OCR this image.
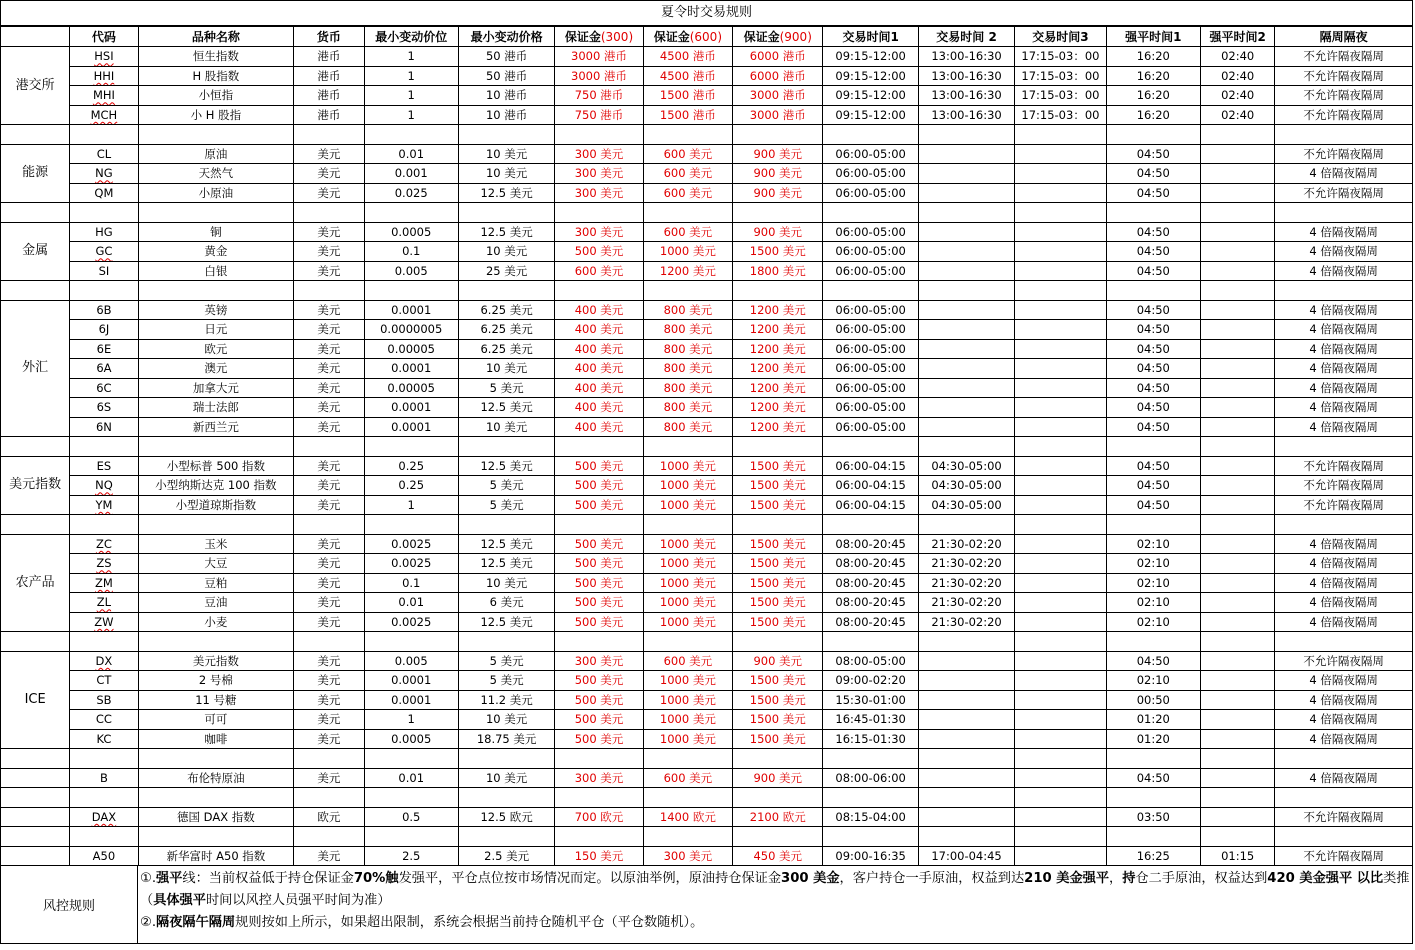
夏令时交易规则
	代码	品种名称	货币	最小变动价位	最小变动价格	保证金(300)	保证金(600)	保证金(900)	交易时间1	交易时间 2	交易时间3	强平时间1	强平时间2	隔周隔夜
港交所	HSI	恒生指数	港币	1	50 港币	3000 港币	4500 港币	6000 港币	09:15-12:00	13:00-16:30	17:15-03：00	16:20	02:40	不允许隔夜隔周
	HHI	H 股指数	港币	1	50 港币	3000 港币	4500 港币	6000 港币	09:15-12:00	13:00-16:30	17:15-03：00	16:20	02:40	不允许隔夜隔周
	MHI	小恒指	港币	1	10 港币	750 港币	1500 港币	3000 港币	09:15-12:00	13:00-16:30	17:15-03：00	16:20	02:40	不允许隔夜隔周
	MCH	小 H 股指	港币	1	10 港币	750 港币	1500 港币	3000 港币	09:15-12:00	13:00-16:30	17:15-03：00	16:20	02:40	不允许隔夜隔周

能源	CL	原油	美元	0.01	10 美元	300 美元	600 美元	900 美元	06:00-05:00			04:50		不允许隔夜隔周
	NG	天然气	美元	0.001	10 美元	300 美元	600 美元	900 美元	06:00-05:00			04:50		4 倍隔夜隔周
	QM	小原油	美元	0.025	12.5 美元	300 美元	600 美元	900 美元	06:00-05:00			04:50		不允许隔夜隔周

金属	HG	铜	美元	0.0005	12.5 美元	300 美元	600 美元	900 美元	06:00-05:00			04:50		4 倍隔夜隔周
	GC	黄金	美元	0.1	10 美元	500 美元	1000 美元	1500 美元	06:00-05:00			04:50		4 倍隔夜隔周
	SI	白银	美元	0.005	25 美元	600 美元	1200 美元	1800 美元	06:00-05:00			04:50		4 倍隔夜隔周

外汇	6B	英镑	美元	0.0001	6.25 美元	400 美元	800 美元	1200 美元	06:00-05:00			04:50		4 倍隔夜隔周
	6J	日元	美元	0.0000005	6.25 美元	400 美元	800 美元	1200 美元	06:00-05:00			04:50		4 倍隔夜隔周
	6E	欧元	美元	0.00005	6.25 美元	400 美元	800 美元	1200 美元	06:00-05:00			04:50		4 倍隔夜隔周
	6A	澳元	美元	0.0001	10 美元	400 美元	800 美元	1200 美元	06:00-05:00			04:50		4 倍隔夜隔周
	6C	加拿大元	美元	0.00005	5 美元	400 美元	800 美元	1200 美元	06:00-05:00			04:50		4 倍隔夜隔周
	6S	瑞士法郎	美元	0.0001	12.5 美元	400 美元	800 美元	1200 美元	06:00-05:00			04:50		4 倍隔夜隔周
	6N	新西兰元	美元	0.0001	10 美元	400 美元	800 美元	1200 美元	06:00-05:00			04:50		4 倍隔夜隔周

美元指数	ES	小型标普 500 指数	美元	0.25	12.5 美元	500 美元	1000 美元	1500 美元	06:00-04:15	04:30-05:00		04:50		不允许隔夜隔周
	NQ	小型纳斯达克 100 指数	美元	0.25	5 美元	500 美元	1000 美元	1500 美元	06:00-04:15	04:30-05:00		04:50		不允许隔夜隔周
	YM	小型道琼斯指数	美元	1	5 美元	500 美元	1000 美元	1500 美元	06:00-04:15	04:30-05:00		04:50		不允许隔夜隔周

农产品	ZC	玉米	美元	0.0025	12.5 美元	500 美元	1000 美元	1500 美元	08:00-20:45	21:30-02:20		02:10		4 倍隔夜隔周
	ZS	大豆	美元	0.0025	12.5 美元	500 美元	1000 美元	1500 美元	08:00-20:45	21:30-02:20		02:10		4 倍隔夜隔周
	ZM	豆粕	美元	0.1	10 美元	500 美元	1000 美元	1500 美元	08:00-20:45	21:30-02:20		02:10		4 倍隔夜隔周
	ZL	豆油	美元	0.01	6 美元	500 美元	1000 美元	1500 美元	08:00-20:45	21:30-02:20		02:10		4 倍隔夜隔周
	ZW	小麦	美元	0.0025	12.5 美元	500 美元	1000 美元	1500 美元	08:00-20:45	21:30-02:20		02:10		4 倍隔夜隔周

ICE	DX	美元指数	美元	0.005	5 美元	300 美元	600 美元	900 美元	08:00-05:00			04:50		不允许隔夜隔周
	CT	2 号棉	美元	0.0001	5 美元	500 美元	1000 美元	1500 美元	09:00-02:20			02:10		4 倍隔夜隔周
	SB	11 号糖	美元	0.0001	11.2 美元	500 美元	1000 美元	1500 美元	15:30-01:00			00:50		4 倍隔夜隔周
	CC	可可	美元	1	10 美元	500 美元	1000 美元	1500 美元	16:45-01:30			01:20		4 倍隔夜隔周
	KC	咖啡	美元	0.0005	18.75 美元	500 美元	1000 美元	1500 美元	16:15-01:30			01:20		4 倍隔夜隔周

	B	布伦特原油	美元	0.01	10 美元	300 美元	600 美元	900 美元	08:00-06:00			04:50		4 倍隔夜隔周

	DAX	德国 DAX 指数	欧元	0.5	12.5 欧元	700 欧元	1400 欧元	2100 欧元	08:15-04:00			03:50		不允许隔夜隔周

	A50	新华富时 A50 指数	美元	2.5	2.5 美元	150 美元	300 美元	450 美元	09:00-16:35	17:00-04:45		16:25	01:15	不允许隔夜隔周
风控规则
①.强平线：当前权益低于持仓保证金70%触发强平，平仓点位按市场情况而定。以原油举例，原油持仓保证金300 美金，客户持仓一手原油，权益到达210 美金强平，持仓二手原油，权益达到420 美金强平 以比类推 （具体强平时间以风控人员强平时间为准）
②.隔夜隔午隔周规则按如上所示，如果超出限制，系统会根据当前持仓随机平仓（平仓数随机）。
